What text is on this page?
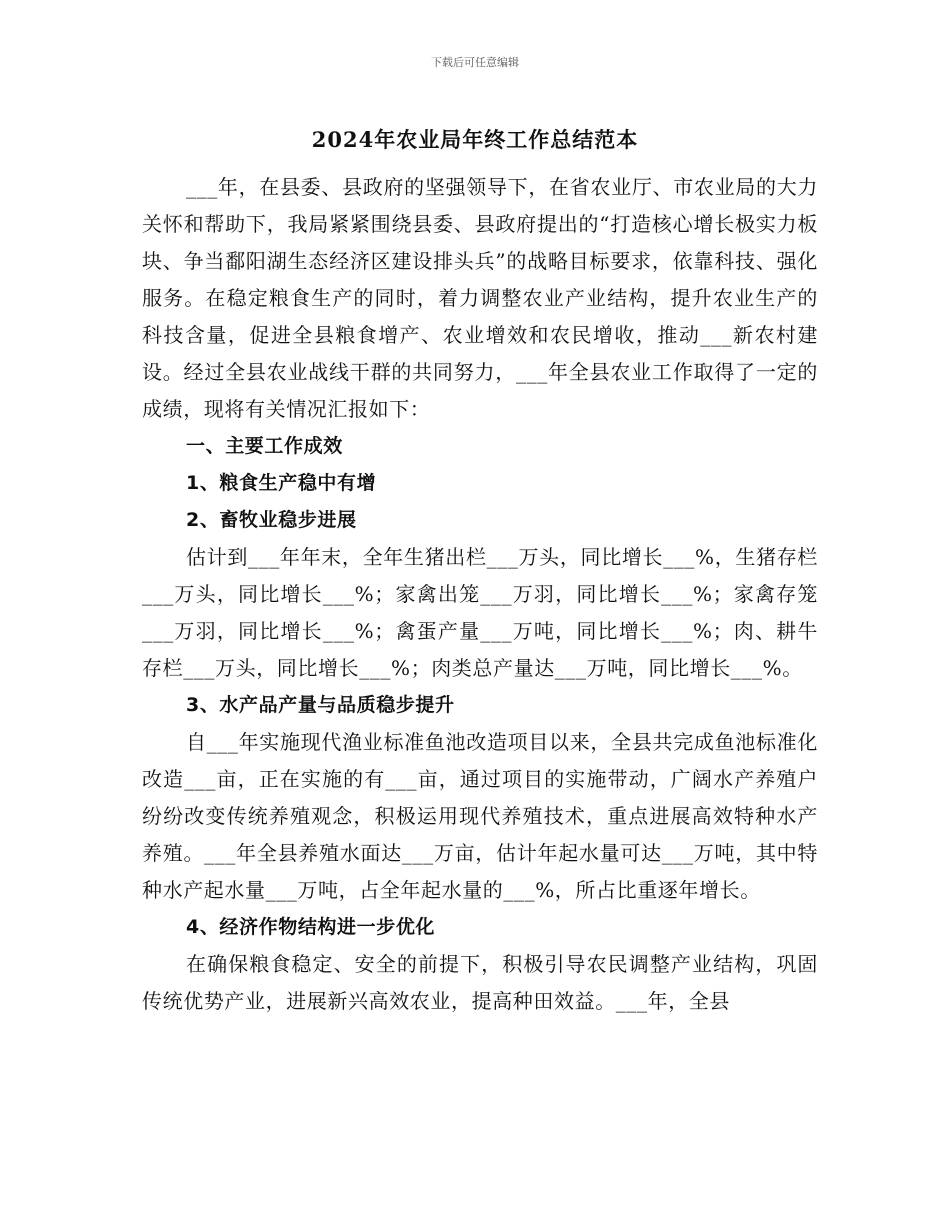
下载后可任意编辑
2024年农业局年终工作总结范本

___年，在县委、县政府的坚强领导下，在省农业厅、市农业局的大力关怀和帮助下，我局紧紧围绕县委、县政府提出的“打造核心增长极实力板块、争当鄱阳湖生态经济区建设排头兵”的战略目标要求，依靠科技、强化服务。在稳定粮食生产的同时，着力调整农业产业结构，提升农业生产的科技含量，促进全县粮食增产、农业增效和农民增收，推动___新农村建设。经过全县农业战线干群的共同努力，___年全县农业工作取得了一定的成绩，现将有关情况汇报如下：

一、主要工作成效

1、粮食生产稳中有增

2、畜牧业稳步进展

估计到___年年末，全年生猪出栏___万头，同比增长___%，生猪存栏___万头，同比增长___%；家禽出笼___万羽，同比增长___%；家禽存笼___万羽，同比增长___%；禽蛋产量___万吨，同比增长___%；肉、耕牛存栏___万头，同比增长___%；肉类总产量达___万吨，同比增长___%。

3、水产品产量与品质稳步提升

自___年实施现代渔业标准鱼池改造项目以来，全县共完成鱼池标准化改造___亩，正在实施的有___亩，通过项目的实施带动，广阔水产养殖户纷纷改变传统养殖观念，积极运用现代养殖技术，重点进展高效特种水产养殖。___年全县养殖水面达___万亩，估计年起水量可达___万吨，其中特种水产起水量___万吨，占全年起水量的___%，所占比重逐年增长。

4、经济作物结构进一步优化

在确保粮食稳定、安全的前提下，积极引导农民调整产业结构，巩固传统优势产业，进展新兴高效农业，提高种田效益。___年，全县
